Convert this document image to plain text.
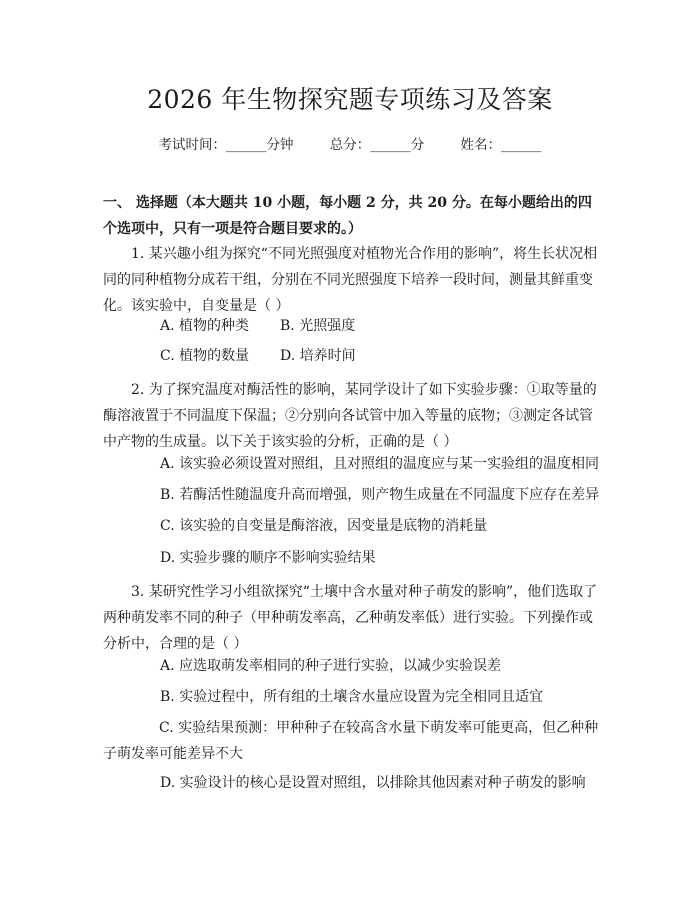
2026 年生物探究题专项练习及答案
考试时间：______分钟	总分：______分	姓名：______
一、 选择题（本大题共 10 小题，每小题 2 分，共 20 分。在每小题给出的四个选项中，只有一项是符合题目要求的。）
1. 某兴趣小组为探究“不同光照强度对植物光合作用的影响”，将生长状况相同的同种植物分成若干组，分别在不同光照强度下培养一段时间，测量其鲜重变化。该实验中，自变量是（ ）
A. 植物的种类 B. 光照强度
C. 植物的数量 D. 培养时间
2. 为了探究温度对酶活性的影响，某同学设计了如下实验步骤：①取等量的酶溶液置于不同温度下保温；②分别向各试管中加入等量的底物；③测定各试管中产物的生成量。以下关于该实验的分析，正确的是（ ）
A. 该实验必须设置对照组，且对照组的温度应与某一实验组的温度相同
B. 若酶活性随温度升高而增强，则产物生成量在不同温度下应存在差异
C. 该实验的自变量是酶溶液，因变量是底物的消耗量
D. 实验步骤的顺序不影响实验结果
3. 某研究性学习小组欲探究“土壤中含水量对种子萌发的影响”，他们选取了两种萌发率不同的种子（甲种萌发率高，乙种萌发率低）进行实验。下列操作或分析中，合理的是（ ）
A. 应选取萌发率相同的种子进行实验，以减少实验误差
B. 实验过程中，所有组的土壤含水量应设置为完全相同且适宜
C. 实验结果预测：甲种种子在较高含水量下萌发率可能更高，但乙种种子萌发率可能差异不大
D. 实验设计的核心是设置对照组，以排除其他因素对种子萌发的影响
